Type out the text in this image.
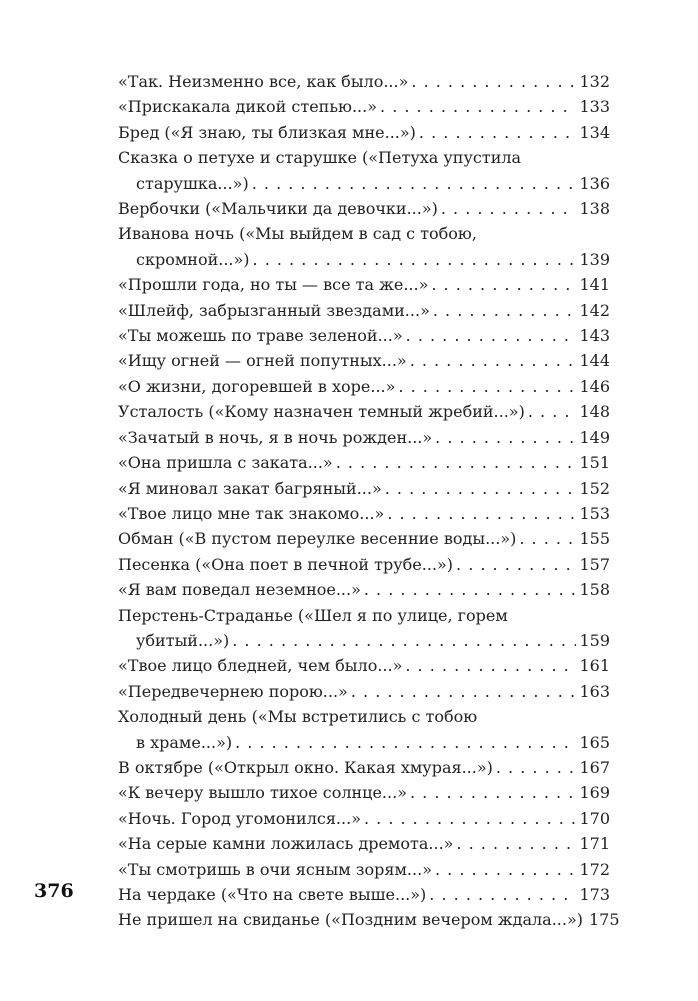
«Так. Неизменно все, как было...» . . .	132
«Прискакала дикой степью...» . . .	133
Бред («Я знаю, ты близкая мне...») . . .	134
Сказка о петухе и старушке («Петуха упустила
старушка...») . . .	136
Вербочки («Мальчики да девочки...») . . .	138
Иванова ночь («Мы выйдем в сад с тобою,
скромной...») . . .	139
«Прошли года, но ты — все та же...» . . .	141
«Шлейф, забрызганный звездами...» . . .	142
«Ты можешь по траве зеленой...» . . .	143
«Ищу огней — огней попутных...» . . .	144
«О жизни, догоревшей в хоре...» . . .	146
Усталость («Кому назначен темный жребий...») . . .	148
«Зачатый в ночь, я в ночь рожден...» . . .	149
«Она пришла с заката...» . . .	151
«Я миновал закат багряный...» . . .	152
«Твое лицо мне так знакомо...» . . .	153
Обман («В пустом переулке весенние воды...») . . .	155
Песенка («Она поет в печной трубе...») . . .	157
«Я вам поведал неземное...» . . .	158
Перстень-Страданье («Шел я по улице, горем
убитый...») . . .	159
«Твое лицо бледней, чем было...» . . .	161
«Передвечернею порою...» . . .	163
Холодный день («Мы встретились с тобою
в храме...») . . .	165
В октябре («Открыл окно. Какая хмурая...») . . .	167
«К вечеру вышло тихое солнце...» . . .	169
«Ночь. Город угомонился...» . . .	170
«На серые камни ложилась дремота...» . . .	171
«Ты смотришь в очи ясным зорям...» . . .	172
На чердаке («Что на свете выше...») . . .	173
Не пришел на свиданье («Поздним вечером ждала...») 175
376
